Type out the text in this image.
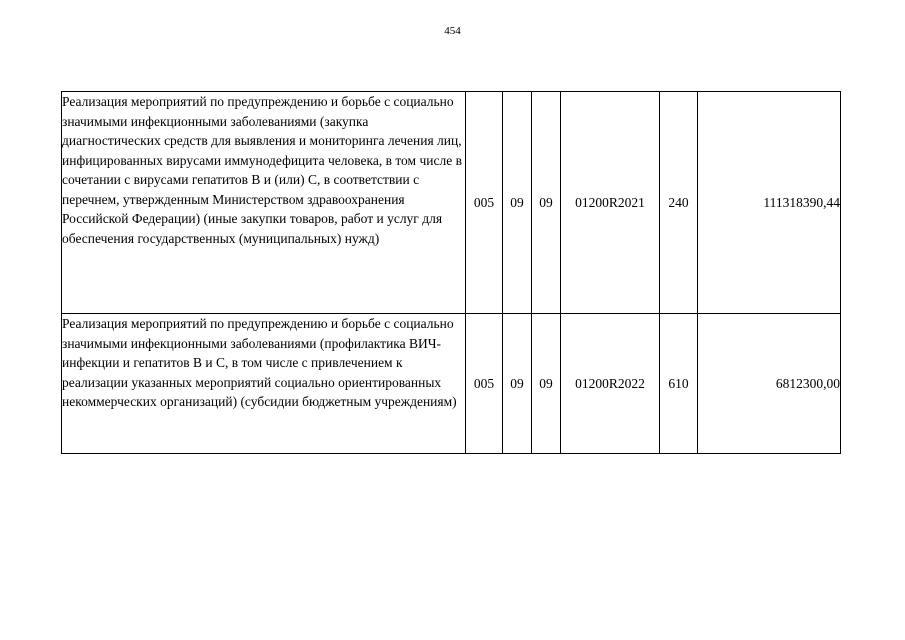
454
Реализация мероприятий по предупреждению и борьбе с социально значимыми инфекционными заболеваниями (закупка диагностических средств для выявления и мониторинга лечения лиц, инфицированных вирусами иммунодефицита человека, в том числе в сочетании с вирусами гепатитов B и (или) C, в соответствии с перечнем, утвержденным Министерством здравоохранения Российской Федерации) (иные закупки товаров, работ и услуг для обеспечения государственных (муниципальных) нужд)	005	09	09	01200R2021	240	111318390,44
Реализация мероприятий по предупреждению и борьбе с социально значимыми инфекционными заболеваниями (профилактика ВИЧ-инфекции и гепатитов B и C, в том числе с привлечением к реализации указанных мероприятий социально ориентированных некоммерческих организаций) (субсидии бюджетным учреждениям)	005	09	09	01200R2022	610	6812300,00
